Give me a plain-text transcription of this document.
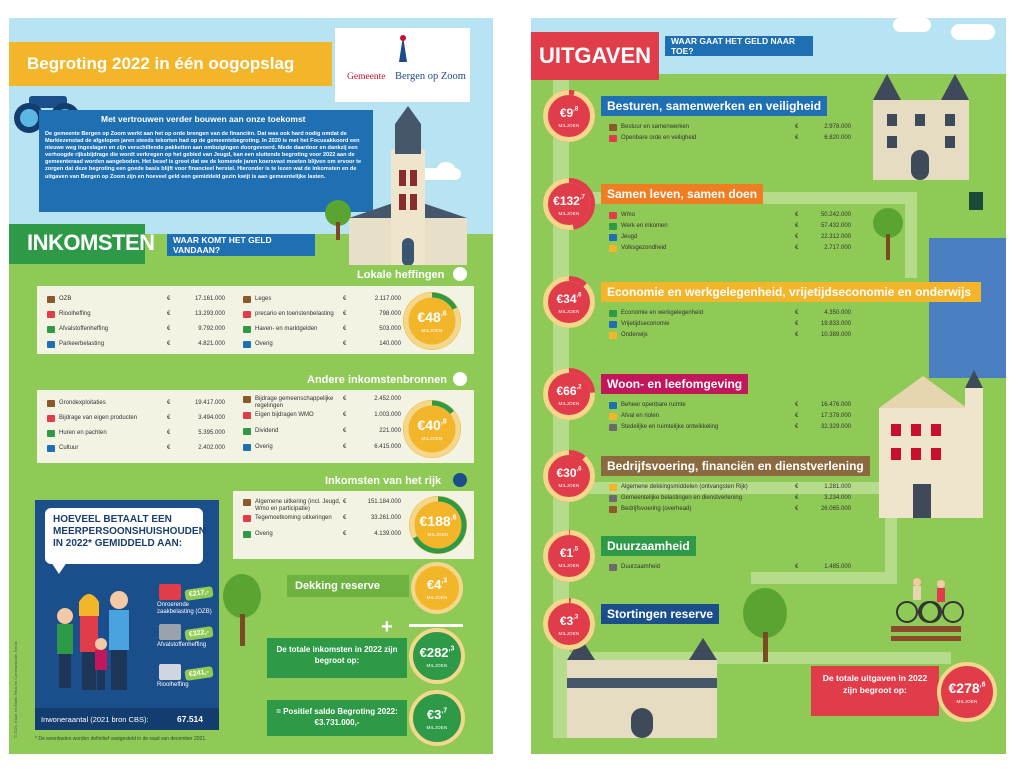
Begroting 2022 in één oogopslag
Gemeente Bergen op Zoom
Met vertrouwen verder bouwen aan onze toekomst
De gemeente Bergen op Zoom werkt aan het op orde brengen van de financiën. Dat was ook hard nodig omdat de Markiezenstad de afgelopen jaren steeds tekorten had op de gemeentebegroting. In 2020 is met het Focusakkoord een nieuwe weg ingeslagen en zijn verschillende pakketten aan ombuigingen doorgevoerd. Mede daardoor en dankzij een verhoogde rijksbijdrage die wordt verkregen op het gebied van Jeugd, kan een sluitende begroting voor 2022 aan de gemeenteraad worden aangeboden. Het besef is groot dat we de komende jaren koersvast moeten blijven om ervoor te zorgen dat deze begroting een goede basis blijft voor financieel herstel. Hieronder is te lezen wat de inkomsten en de uitgaven van Bergen op Zoom zijn en hoeveel geld een gemiddeld gezin kwijt is aan gemeentelijke lasten.
INKOMSTEN	WAAR KOMT HET GELD VANDAAN?
Lokale heffingen
OZB	€	17.161.000
Rioolheffing	€	13.293.000
Afvalstoffenheffing	€	9.792.000
Parkeerbelasting	€	4.821.000
Leges	€	2.117.000
precario en toeristenbelasting €	798.000
Haven- en marktgelden	€	503.000
Overig	€	140.000
$€48^{,6}$
MILJOEN
Andere inkomstenbronnen
Grondexploitaties	€	19.417.000
Bijdrage van eigen producten	€	3.494.000
Huren en pachten	€	5.395.000
Cultuur	€	2.402.000
Bijdrage gemeenschappelijke regelingen
€	2.452.000
Eigen bijdragen WMO	€	1.003.000
Dividend	€	221.000
Overig	€	6.415.000
$€40^{,8}$
MILJOEN
Inkomsten van het rijk
Algemene uitkering (incl. Jeugd, Wmo en participatie)
€	151.184.000
Tegemoetkoming uitkeringen	€	33.261.000
Overig	€	4.139.000
$€188^{,6}$
MILJOEN
Dekking reserve	$€4^{,3}$
MILJOEN
+
De totale inkomsten in 2022 zijn begroot op:
$€282^{,3}$
MILJOEN
= Positief saldo Begroting 2022: €3.731.000,-
$€3^{,7}$
MILJOEN
HOEVEEL BETAALT EEN MEERPERSOONSHUISHOUDEN IN 2022* GEMIDDELD AAN:
€217,-
Onroerende zaakbelasting (OZB)
€322,-
Afvalstoffenheffing
€241,-
Rioolheffing
Inwoneraantal (2021 bron CBS):	67.514
* De woonlasten worden definitief vastgesteld in de raad van december 2021.
© 2021, Klaar en Blank Tekst en Communicatie, Breda
UITGAVEN
WAAR GAAT HET GELD NAAR TOE?
$€9^{,8}$
MILJOEN
Besturen, samenwerken en veiligheid
Bestuur en samenwerken	€	2.978.000
Openbare orde en veiligheid	€	6.820.000
$€132^{,7}$
MILJOEN
Samen leven, samen doen
Wmo	€	50.242.000
Werk en inkomen	€	57.432.000
Jeugd	€	22.312.000
Volksgezondheid	€	2.717.000
$€34^{,6}$
MILJOEN
Economie en werkgelegenheid, vrijetijdseconomie en onderwijs
Economie en werkgelegenheid	€	4.350.000
Vrijetijdseconomie	€	19.833.000
Onderwijs	€	10.389.000
$€66^{,2}$
MILJOEN
Woon- en leefomgeving
Beheer openbare ruimte	€	16.476.000
Afval en riolen	€	17.378.000
Stedelijke en ruimtelijke ontwikkeling	€	32.329.000
$€30^{,6}$
MILJOEN
Bedrijfsvoering, financiën en dienstverlening
Algemene dekkingsmiddelen (ontvangsten Rijk)	€	1.281.000
Gemeentelijke belastingen en dienstverlening	€	3.234.000
Bedrijfsvoering (overhead)	€	26.065.000
$€1^{,5}$
MILJOEN
Duurzaamheid
Duurzaamheid	€	1.485.000
$€3^{,3}$
MILJOEN
Stortingen reserve
De totale uitgaven in 2022 zijn begroot op:	$€278^{,6}$
MILJOEN
